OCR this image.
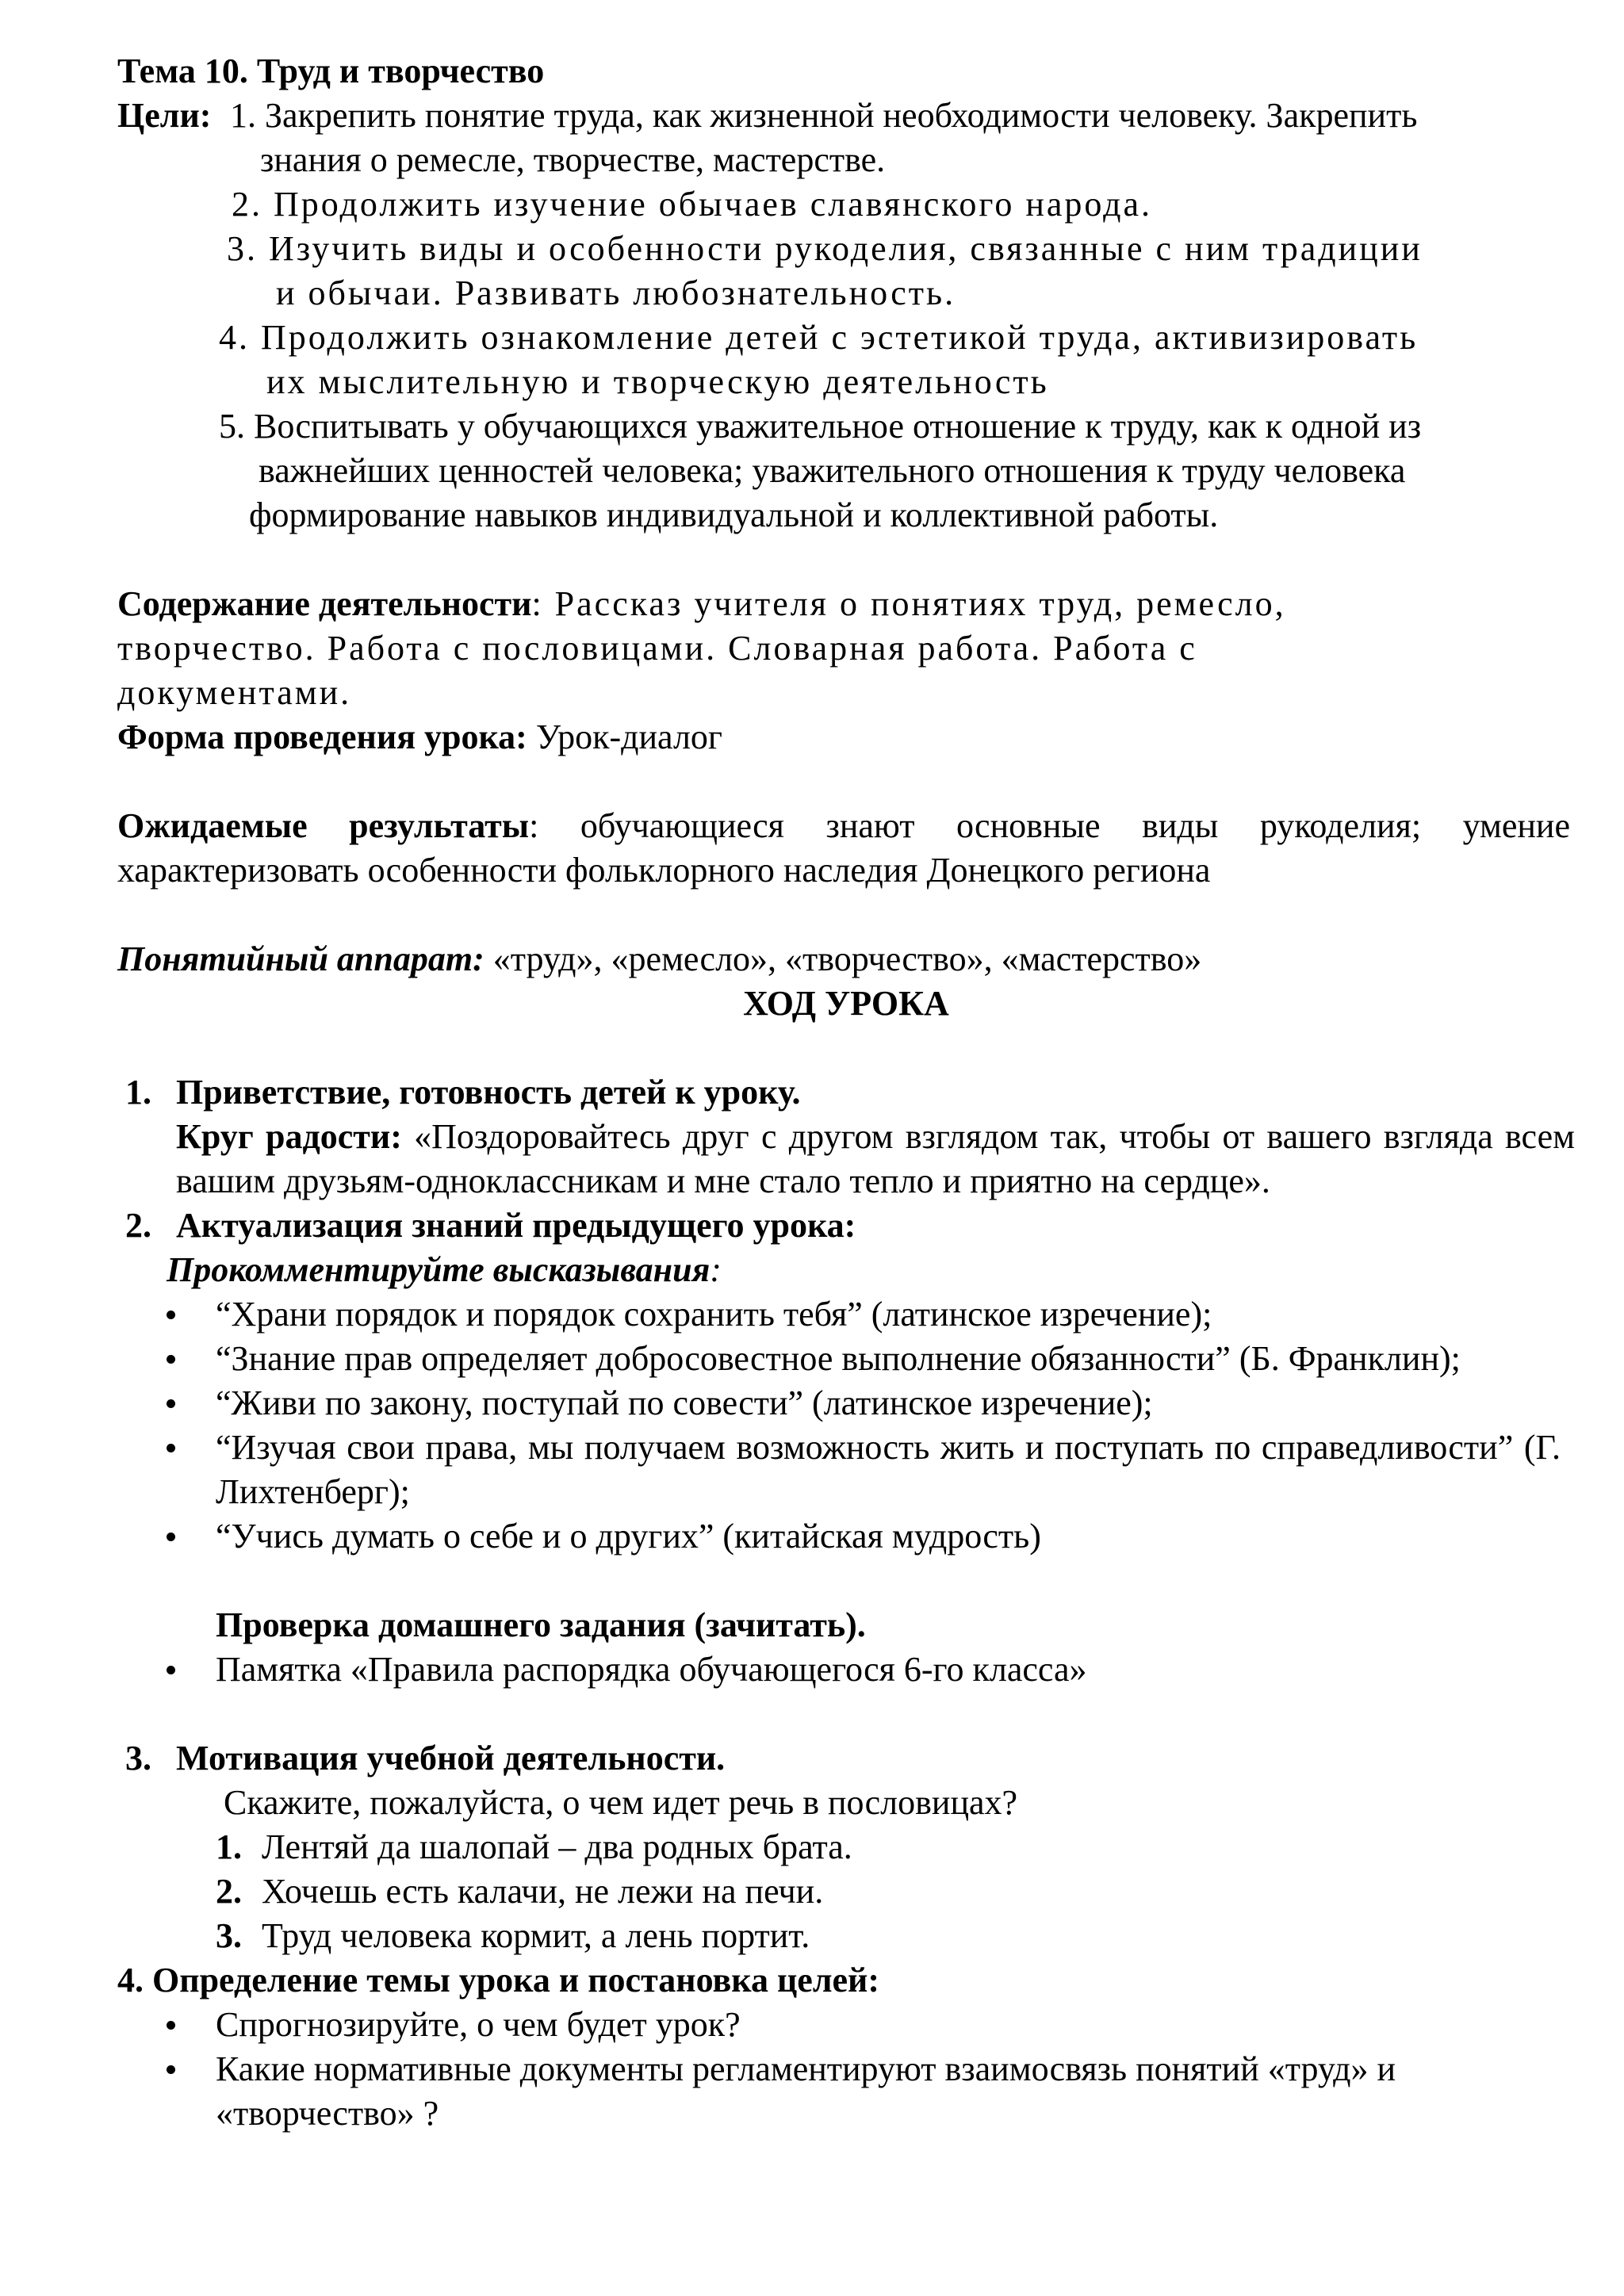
Тема 10. Труд и творчество

Цели: 1. Закрепить понятие труда, как жизненной необходимости человеку. Закрепить
знания о ремесле, творчестве, мастерстве.
2. Продолжить изучение обычаев славянского народа.
3. Изучить виды и особенности рукоделия, связанные с ним традиции
и обычаи. Развивать любознательность.
4. Продолжить ознакомление детей с эстетикой труда, активизировать
их мыслительную и творческую деятельность
5. Воспитывать у обучающихся уважительное отношение к труду, как к одной из
важнейших ценностей человека; уважительного отношения к труду человека
формирование навыков индивидуальной и коллективной работы.
Содержание деятельности: Рассказ учителя о понятиях труд, ремесло,
творчество. Работа с пословицами. Словарная работа. Работа с
документами.

Форма проведения урока: Урок-диалог

Ожидаемые результаты: обучающиеся знают основные виды рукоделия; умение характеризовать особенности фольклорного наследия Донецкого региона

Понятийный аппарат: «труд», «ремесло», «творчество», «мастерство»

ХОД УРОКА

1. Приветствие, готовность детей к уроку.

Круг радости: «Поздоровайтесь друг с другом взглядом так, чтобы от вашего взгляда всем вашим друзьям-одноклассникам и мне стало тепло и приятно на сердце».

2. Актуализация знаний предыдущего урока:

Прокомментируйте высказывания:

“Храни порядок и порядок сохранить тебя” (латинское изречение);
“Знание прав определяет добросовестное выполнение обязанности” (Б. Франклин);
“Живи по закону, поступай по совести” (латинское изречение);
“Изучая свои права, мы получаем возможность жить и поступать по справедливости” (Г. Лихтенберг);
“Учись думать о себе и о других” (китайская мудрость)

Проверка домашнего задания (зачитать).

Памятка «Правила распорядка обучающегося 6-го класса»
3. Мотивация учебной деятельности.

Скажите, пожалуйста, о чем идет речь в пословицах?

1. Лентяй да шалопай – два родных брата.
2. Хочешь есть калачи, не лежи на печи.
3. Труд человека кормит, а лень портит.

4. Определение темы урока и постановка целей:

Спрогнозируйте, о чем будет урок?
Какие нормативные документы регламентируют взаимосвязь понятий «труд» и «творчество» ?
